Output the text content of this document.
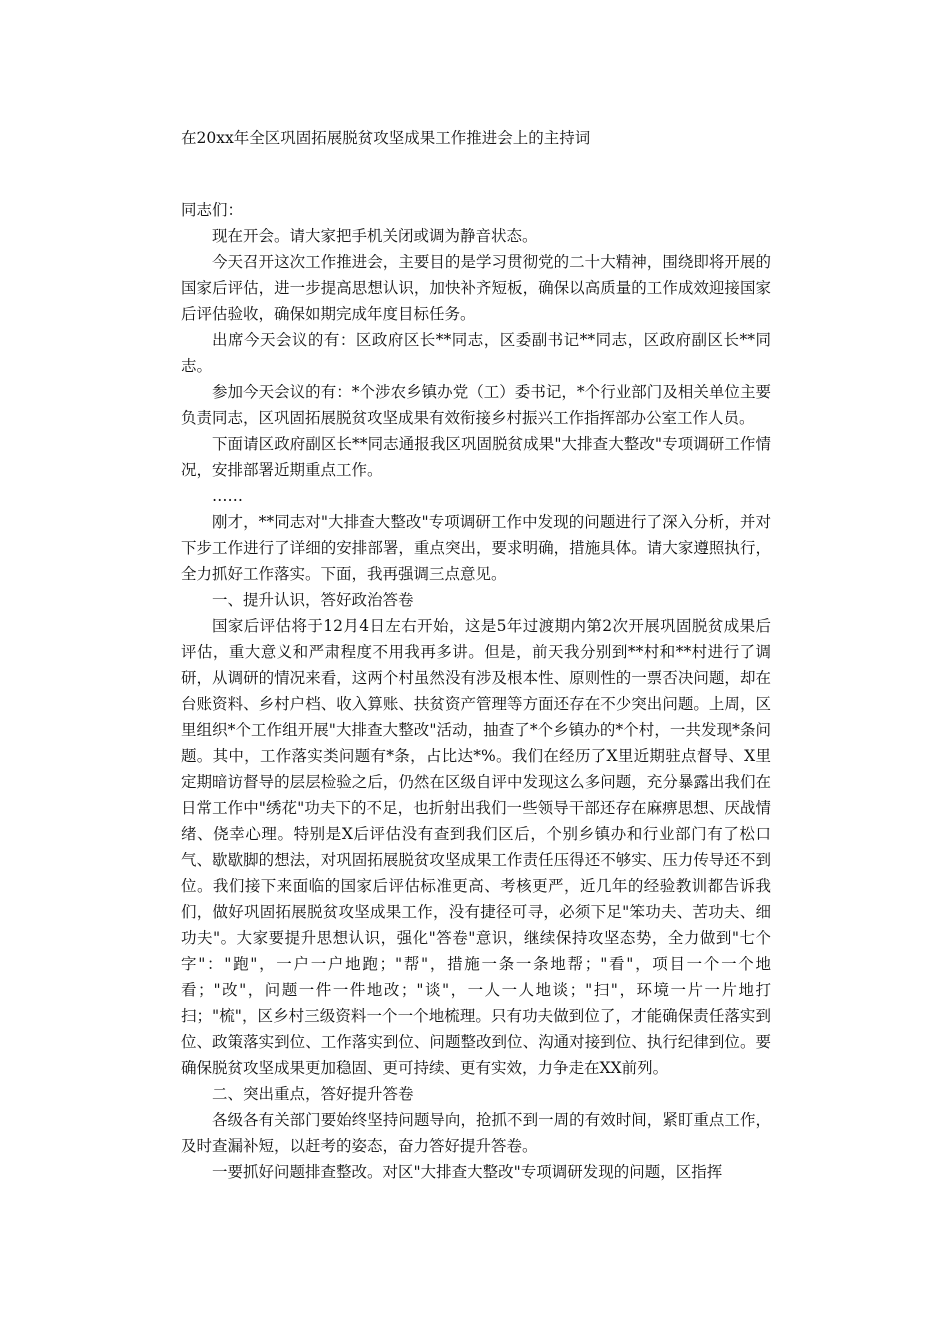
在20xx年全区巩固拓展脱贫攻坚成果工作推进会上的主持词

同志们：

现在开会。请大家把手机关闭或调为静音状态。

今天召开这次工作推进会，主要目的是学习贯彻党的二十大精神，围绕即将开展的国家后评估，进一步提高思想认识，加快补齐短板，确保以高质量的工作成效迎接国家后评估验收，确保如期完成年度目标任务。

出席今天会议的有：区政府区长**同志，区委副书记**同志，区政府副区长**同志。

参加今天会议的有：*个涉农乡镇办党（工）委书记，*个行业部门及相关单位主要负责同志，区巩固拓展脱贫攻坚成果有效衔接乡村振兴工作指挥部办公室工作人员。

下面请区政府副区长**同志通报我区巩固脱贫成果"大排查大整改"专项调研工作情况，安排部署近期重点工作。

……

刚才，**同志对"大排查大整改"专项调研工作中发现的问题进行了深入分析，并对下步工作进行了详细的安排部署，重点突出，要求明确，措施具体。请大家遵照执行，全力抓好工作落实。下面，我再强调三点意见。

一、提升认识，答好政治答卷

国家后评估将于12月4日左右开始，这是5年过渡期内第2次开展巩固脱贫成果后评估，重大意义和严肃程度不用我再多讲。但是，前天我分别到**村和**村进行了调研，从调研的情况来看，这两个村虽然没有涉及根本性、原则性的一票否决问题，却在台账资料、乡村户档、收入算账、扶贫资产管理等方面还存在不少突出问题。上周，区里组织*个工作组开展"大排查大整改"活动，抽查了*个乡镇办的*个村，一共发现*条问题。其中，工作落实类问题有*条，占比达*%。我们在经历了X里近期驻点督导、X里定期暗访督导的层层检验之后，仍然在区级自评中发现这么多问题，充分暴露出我们在日常工作中"绣花"功夫下的不足，也折射出我们一些领导干部还存在麻痹思想、厌战情绪、侥幸心理。特别是X后评估没有查到我们区后，个别乡镇办和行业部门有了松口气、歇歇脚的想法，对巩固拓展脱贫攻坚成果工作责任压得还不够实、压力传导还不到位。我们接下来面临的国家后评估标准更高、考核更严，近几年的经验教训都告诉我们，做好巩固拓展脱贫攻坚成果工作，没有捷径可寻，必须下足"笨功夫、苦功夫、细功夫"。大家要提升思想认识，强化"答卷"意识，继续保持攻坚态势，全力做到"七个字"："跑"，一户一户地跑；"帮"，措施一条一条地帮；"看"，项目一个一个地看；"改"，问题一件一件地改；"谈"，一人一人地谈；"扫"，环境一片一片地打扫；"梳"，区乡村三级资料一个一个地梳理。只有功夫做到位了，才能确保责任落实到位、政策落实到位、工作落实到位、问题整改到位、沟通对接到位、执行纪律到位。要确保脱贫攻坚成果更加稳固、更可持续、更有实效，力争走在XX前列。

二、突出重点，答好提升答卷

各级各有关部门要始终坚持问题导向，抢抓不到一周的有效时间，紧盯重点工作，及时查漏补短，以赶考的姿态，奋力答好提升答卷。

一要抓好问题排查整改。对区"大排查大整改"专项调研发现的问题，区指挥
